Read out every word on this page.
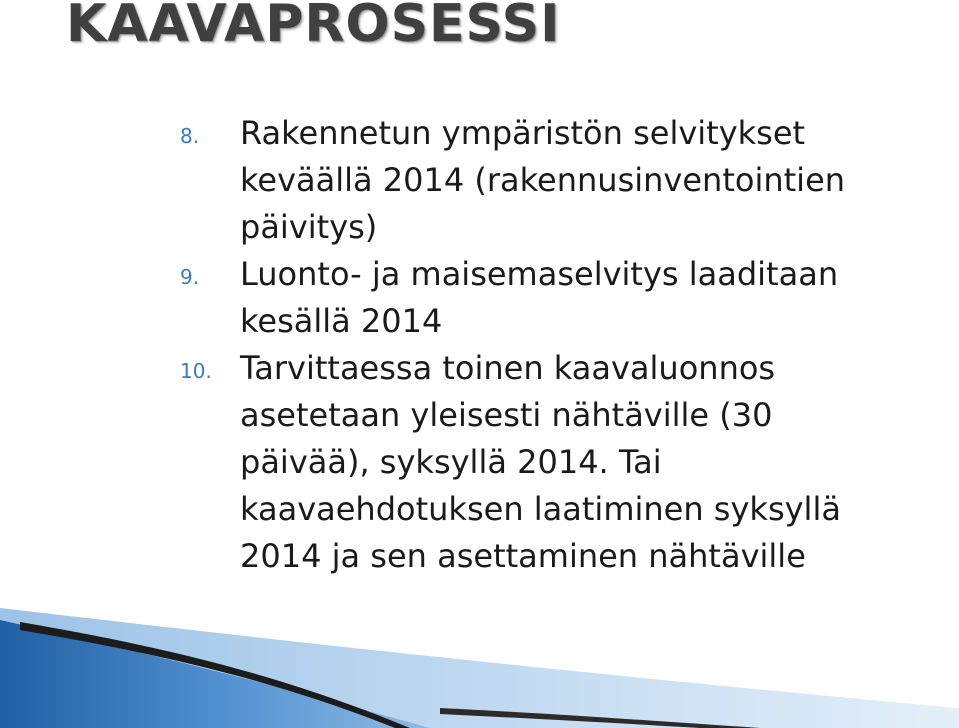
KAAVAPROSESSI
8.	Rakennetun ympäristön selvitykset
keväällä 2014 (rakennusinventointien
päivitys)
9.	Luonto- ja maisemaselvitys laaditaan
kesällä 2014
10. Tarvittaessa toinen kaavaluonnos
asetetaan yleisesti nähtäville (30
päivää), syksyllä 2014. Tai
kaavaehdotuksen laatiminen syksyllä
2014 ja sen asettaminen nähtäville
